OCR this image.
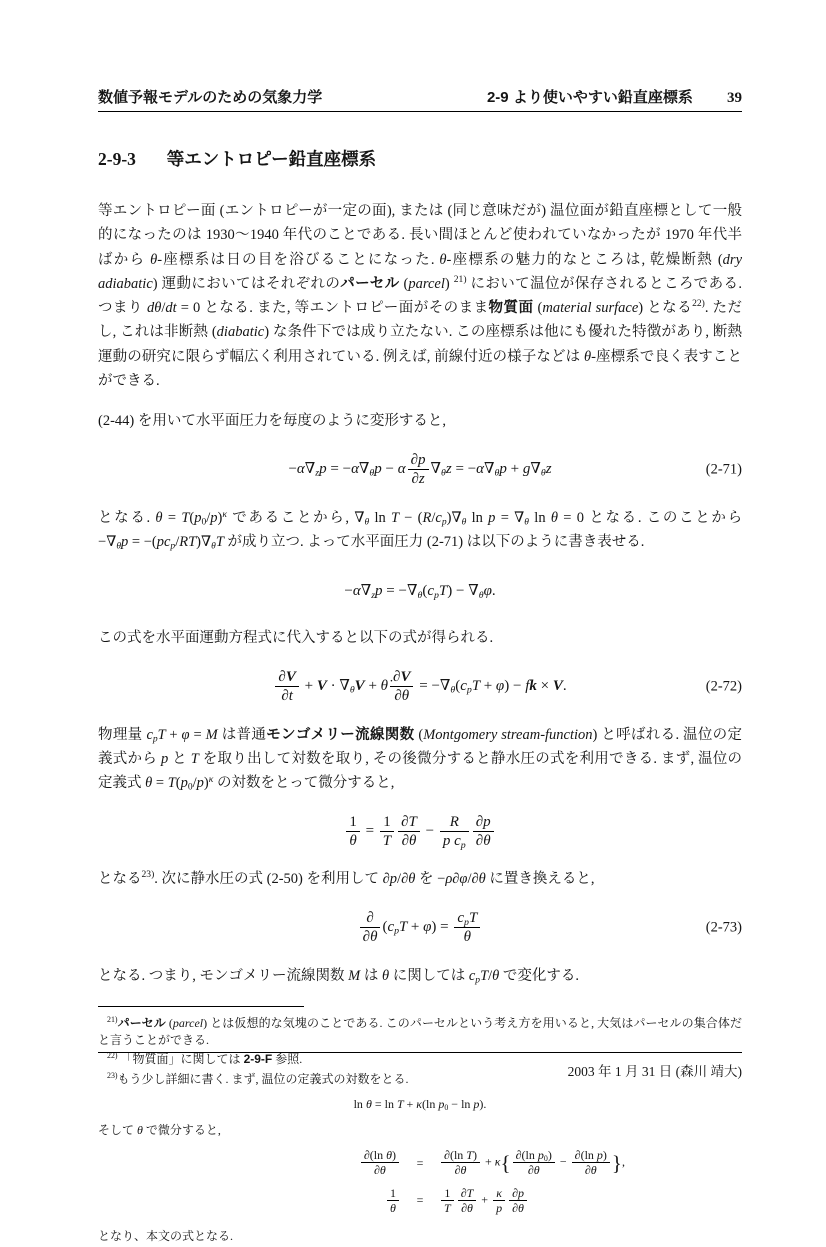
数値予報モデルのための気象力学	2-9 より使いやすい鉛直座標系 39
2-9-3 等エントロピー鉛直座標系

等エントロピー面 (エントロピーが一定の面), または (同じ意味だが) 温位面が鉛直座標として一般的になったのは 1930〜1940 年代のことである. 長い間ほとんど使われていなかったが 1970 年代半ばから θ-座標系は日の目を浴びることになった. θ-座標系の魅力的なところは, 乾燥断熱 (dry adiabatic) 運動においてはそれぞれのパーセル (parcel) $^{21)}$ において温位が保存されるところである. つまり dθ/dt = 0 となる. また, 等エントロピー面がそのまま物質面 (material surface) となる$^{22)}$. ただし, これは非断熱 (diabatic) な条件下では成り立たない. この座標系は他にも優れた特徴があり, 断熱運動の研究に限らず幅広く利用されている. 例えば, 前線付近の様子などは θ-座標系で良く表すことができる.

(2-44) を用いて水平面圧力を毎度のように変形すると,

$-\alpha\nabla_zp = -\alpha\nabla_\theta p - \alpha \frac{\partial p}{\partial z} \nabla_\theta z = -\alpha\nabla_\theta p + g\nabla_\theta z$	(2-71)

となる. $\theta = T(p_0/p)^\kappa$ であることから, $\nabla_\theta$ $\ln T - (R/c_p)\nabla_\theta$ $\ln p = \nabla_\theta$ ln θ = 0 となる. このことから $-\nabla_\theta p = -(pc_p/RT)\nabla_\theta T$ が成り立つ. よって水平面圧力 (2-71) は以下のように書き表せる.

$-\alpha\nabla_zp = -\nabla_\theta(c_pT) - \nabla_\theta\varphi$.

この式を水平面運動方程式に代入すると以下の式が得られる.

$\frac{\partial V}{\partial t} + V \cdot \nabla_\theta V$ + θ̇ $\frac{\partial V}{\partial\theta} = -\nabla_\theta(c_pT + \varphi)$ − fk × V.	(2-72)

物理量 $c_pT + \varphi = M$ は普通モンゴメリー流線関数 (Montgomery stream-function) と呼ばれる. 温位の定義式から p と T を取り出して対数を取り, その後微分すると静水圧の式を利用できる. まず, 温位の定義式 $\theta = T(p_0/p)^\kappa$ の対数をとって微分すると,

$\frac{1}{\theta} = \frac{1}{T} \frac{\partial T}{\partial\theta} - \frac{R}{p c_p} \frac{\partial p}{\partial\theta}$

となる$^{23)}$. 次に静水圧の式 (2-50) を利用して ∂p/∂θ を −ρ∂φ/∂θ に置き換えると,

$\frac{\partial}{\partial\theta} (c_pT + \varphi) = \frac{c_pT}{\theta}$	(2-73)

となる. つまり, モンゴメリー流線関数 M は θ に関しては $c_pT/\theta$ で変化する.

$^{21)}$パーセル (parcel) とは仮想的な気塊のことである. このパーセルという考え方を用いると, 大気はパーセルの集合体だと言うことができる.

$^{22)}$ 「物質面」に関しては 2-9-F 参照.

$^{23)}$もう少し詳細に書く. まず, 温位の定義式の対数をとる.

ln θ = ln T + κ(ln $p_0 - \ln p$).

そして θ で微分すると,

$\frac{\text{∂(ln θ)}}{\partial\theta} = \frac{\text{∂(ln T)}}{\partial\theta} + \kappa\{ \frac{\partial(\ln p_0)}{\partial\theta} - \frac{\text{∂(ln p)}}{\partial\theta}$ },
$\frac{1}{\theta} = \frac{1}{T} \frac{\partial T}{\partial\theta} + \frac{\kappa}{p} \frac{\partial p}{\partial\theta}$

となり、本文の式となる.

2003 年 1 月 31 日 (森川 靖大)
